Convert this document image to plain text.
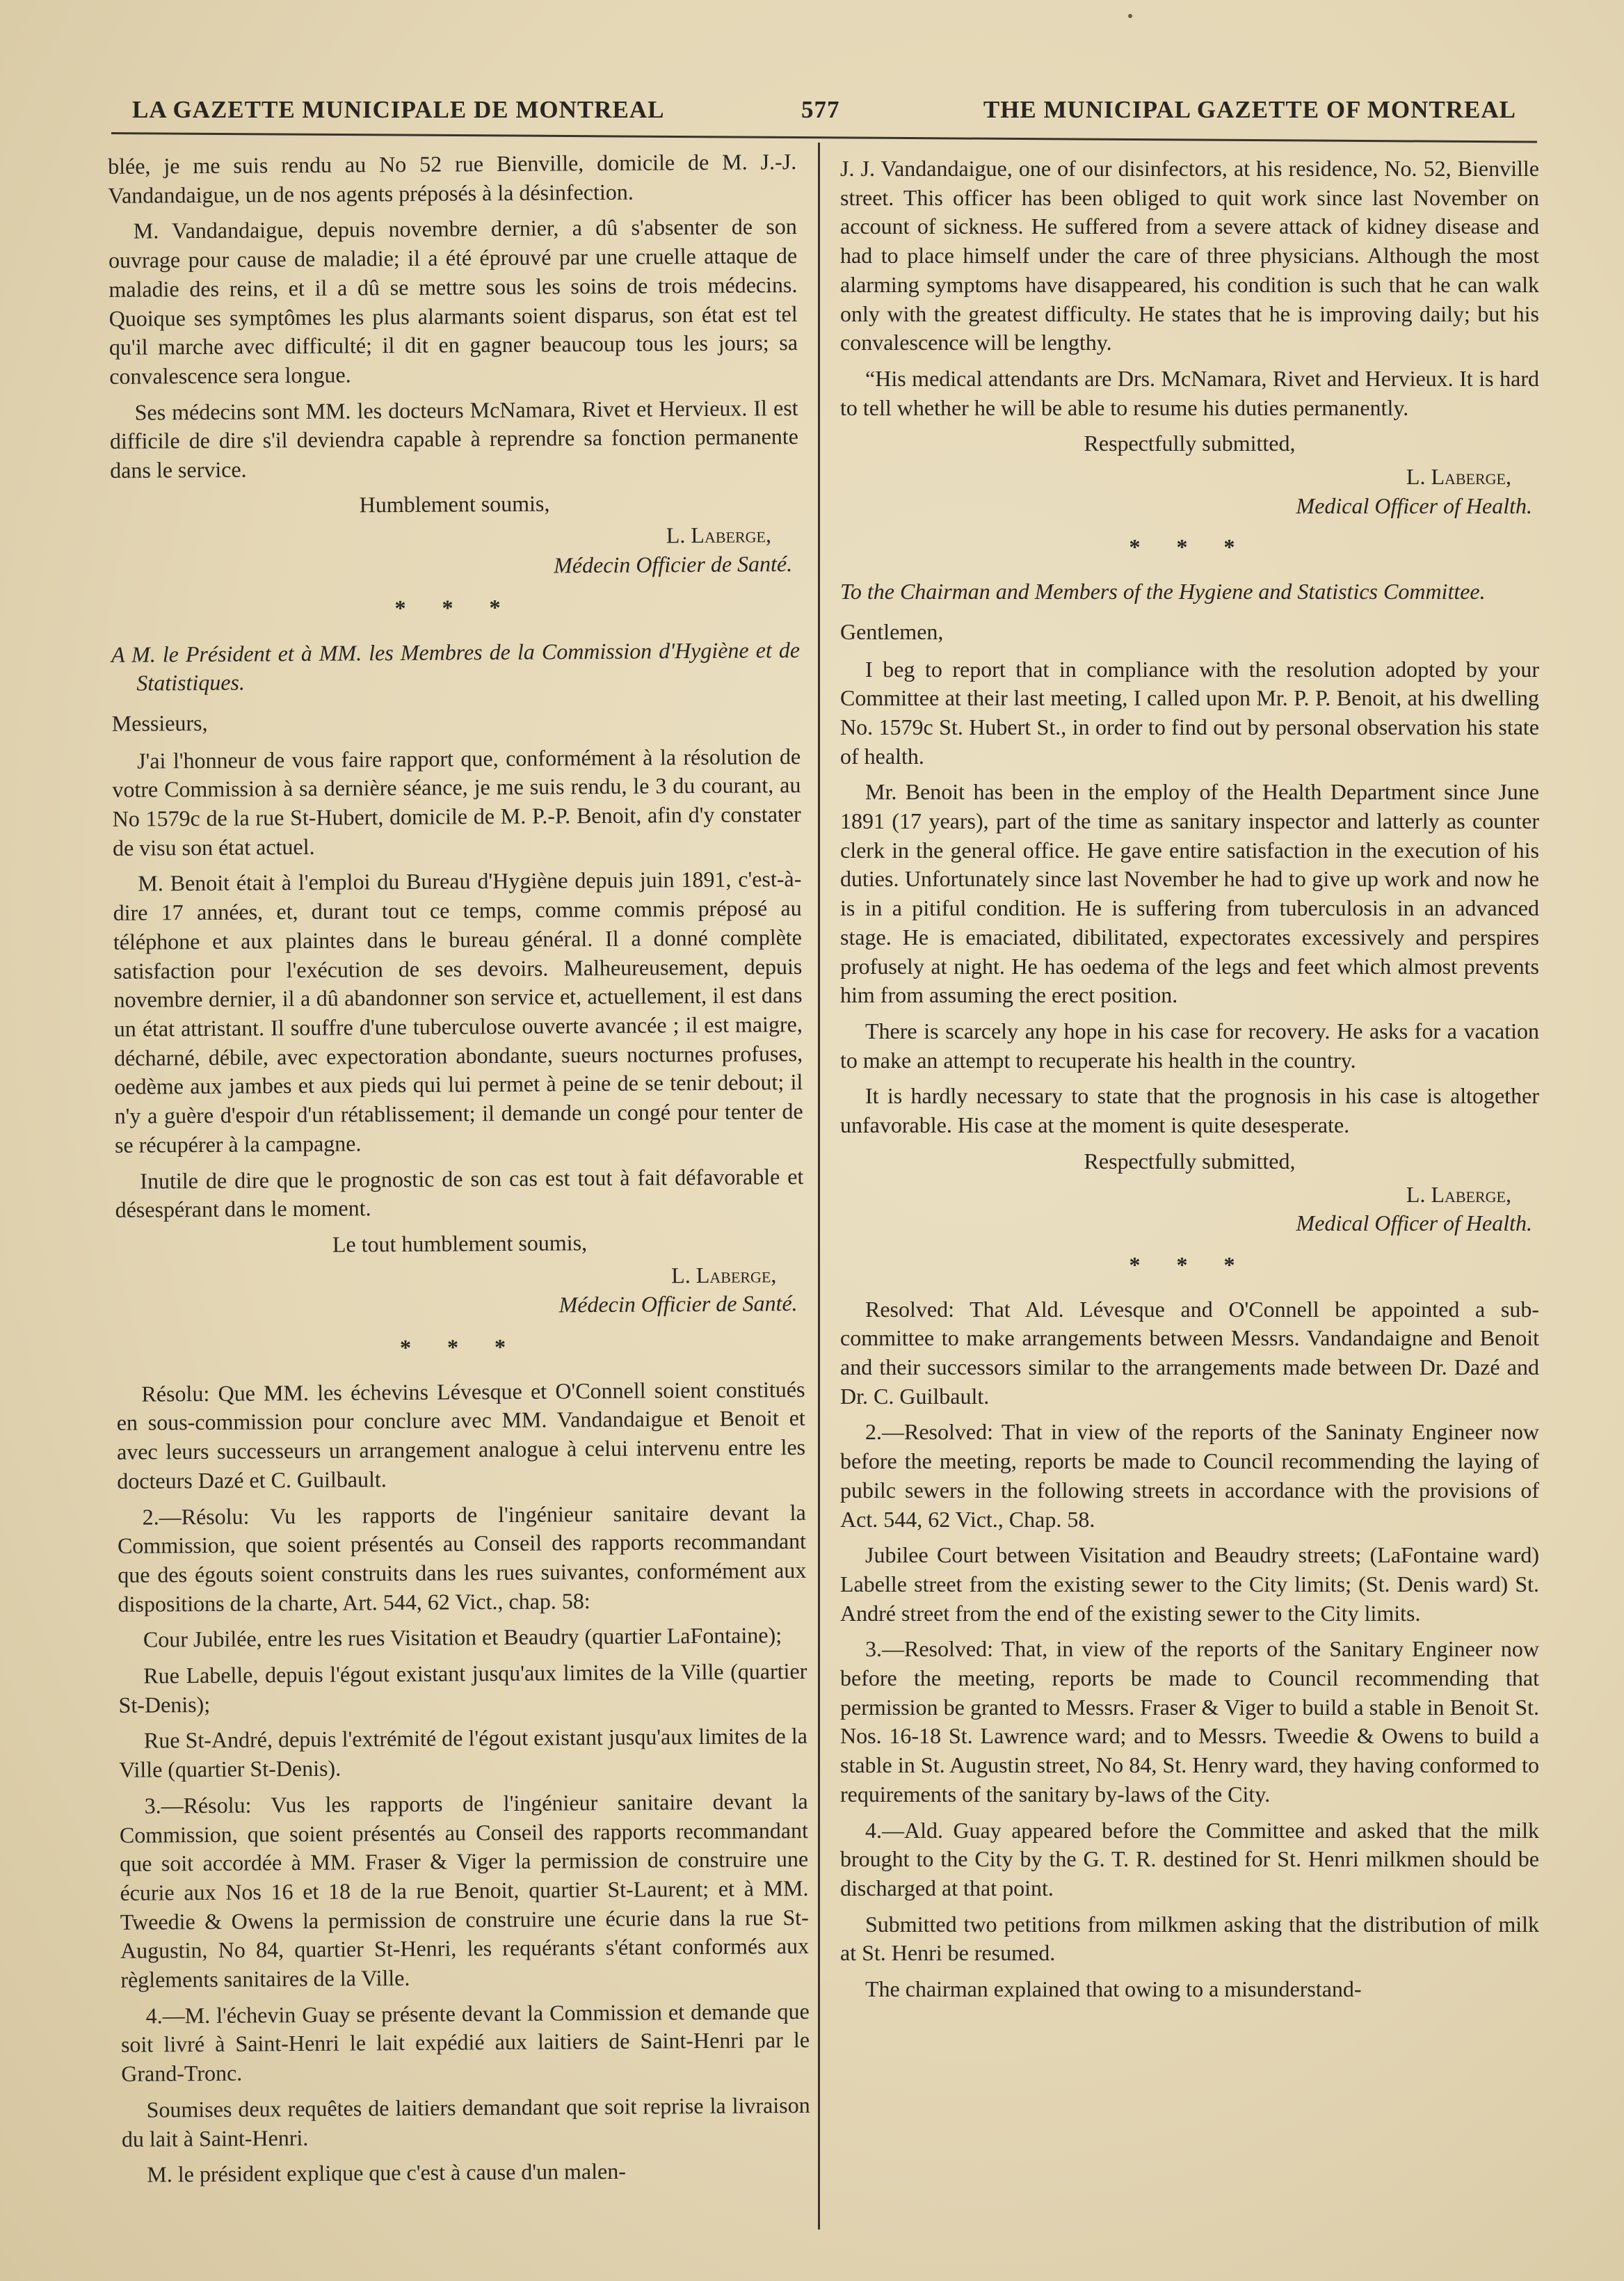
LA GAZETTE MUNICIPALE DE MONTREAL	577	THE MUNICIPAL GAZETTE OF MONTREAL

blée, je me suis rendu au No 52 rue Bienville, domicile de M. J.-J. Vandandaigue, un de nos agents préposés à la désinfection.

M. Vandandaigue, depuis novembre dernier, a dû s'absenter de son ouvrage pour cause de maladie; il a été éprouvé par une cruelle attaque de maladie des reins, et il a dû se mettre sous les soins de trois médecins. Quoique ses symptômes les plus alarmants soient disparus, son état est tel qu'il marche avec difficulté; il dit en gagner beaucoup tous les jours; sa convalescence sera longue.

Ses médecins sont MM. les docteurs McNamara, Rivet et Hervieux. Il est difficile de dire s'il deviendra capable à reprendre sa fonction permanente dans le service.

Humblement soumis,

L. Laberge,

Médecin Officier de Santé.

* * *

A M. le Président et à MM. les Membres de la Commission d'Hygiène et de Statistiques.

Messieurs,

J'ai l'honneur de vous faire rapport que, conformément à la résolution de votre Commission à sa dernière séance, je me suis rendu, le 3 du courant, au No 1579c de la rue St-Hubert, domicile de M. P.-P. Benoit, afin d'y constater de visu son état actuel.

M. Benoit était à l'emploi du Bureau d'Hygiène depuis juin 1891, c'est-à-dire 17 années, et, durant tout ce temps, comme commis préposé au téléphone et aux plaintes dans le bureau général. Il a donné complète satisfaction pour l'exécution de ses devoirs. Malheureusement, depuis novembre dernier, il a dû abandonner son service et, actuellement, il est dans un état attristant. Il souffre d'une tuberculose ouverte avancée ; il est maigre, décharné, débile, avec expectoration abondante, sueurs nocturnes profuses, oedème aux jambes et aux pieds qui lui permet à peine de se tenir debout; il n'y a guère d'espoir d'un rétablissement; il demande un congé pour tenter de se récupérer à la campagne.

Inutile de dire que le prognostic de son cas est tout à fait défavorable et désespérant dans le moment.

Le tout humblement soumis,

L. Laberge,

Médecin Officier de Santé.

* * *

Résolu: Que MM. les échevins Lévesque et O'Connell soient constitués en sous-commission pour conclure avec MM. Vandandaigue et Benoit et avec leurs successeurs un arrangement analogue à celui intervenu entre les docteurs Dazé et C. Guilbault.

2.—Résolu: Vu les rapports de l'ingénieur sanitaire devant la Commission, que soient présentés au Conseil des rapports recommandant que des égouts soient construits dans les rues suivantes, conformément aux dispositions de la charte, Art. 544, 62 Vict., chap. 58:

Cour Jubilée, entre les rues Visitation et Beaudry (quartier LaFontaine);

Rue Labelle, depuis l'égout existant jusqu'aux limites de la Ville (quartier St-Denis);

Rue St-André, depuis l'extrémité de l'égout existant jusqu'aux limites de la Ville (quartier St-Denis).

3.—Résolu: Vus les rapports de l'ingénieur sanitaire devant la Commission, que soient présentés au Conseil des rapports recommandant que soit accordée à MM. Fraser & Viger la permission de construire une écurie aux Nos 16 et 18 de la rue Benoit, quartier St-Laurent; et à MM. Tweedie & Owens la permission de construire une écurie dans la rue St-Augustin, No 84, quartier St-Henri, les requérants s'étant conformés aux règlements sanitaires de la Ville.

4.—M. l'échevin Guay se présente devant la Commission et demande que soit livré à Saint-Henri le lait expédié aux laitiers de Saint-Henri par le Grand-Tronc.

Soumises deux requêtes de laitiers demandant que soit reprise la livraison du lait à Saint-Henri.

M. le président explique que c'est à cause d'un malen-

J. J. Vandandaigue, one of our disinfectors, at his residence, No. 52, Bienville street. This officer has been obliged to quit work since last November on account of sickness. He suffered from a severe attack of kidney disease and had to place himself under the care of three physicians. Although the most alarming symptoms have disappeared, his condition is such that he can walk only with the greatest difficulty. He states that he is improving daily; but his convalescence will be lengthy.

“His medical attendants are Drs. McNamara, Rivet and Hervieux. It is hard to tell whether he will be able to resume his duties permanently.

Respectfully submitted,

L. Laberge,

Medical Officer of Health.

* * *

To the Chairman and Members of the Hygiene and Statistics Committee.

Gentlemen,

I beg to report that in compliance with the resolution adopted by your Committee at their last meeting, I called upon Mr. P. P. Benoit, at his dwelling No. 1579c St. Hubert St., in order to find out by personal observation his state of health.

Mr. Benoit has been in the employ of the Health Department since June 1891 (17 years), part of the time as sanitary inspector and latterly as counter clerk in the general office. He gave entire satisfaction in the execution of his duties. Unfortunately since last November he had to give up work and now he is in a pitiful condition. He is suffering from tuberculosis in an advanced stage. He is emaciated, dibilitated, expectorates excessively and perspires profusely at night. He has oedema of the legs and feet which almost prevents him from assuming the erect position.

There is scarcely any hope in his case for recovery. He asks for a vacation to make an attempt to recuperate his health in the country.

It is hardly necessary to state that the prognosis in his case is altogether unfavorable. His case at the moment is quite desesperate.

Respectfully submitted,

L. Laberge,

Medical Officer of Health.

* * *

Resolved: That Ald. Lévesque and O'Connell be appointed a sub-committee to make arrangements between Messrs. Vandandaigne and Benoit and their successors similar to the arrangements made between Dr. Dazé and Dr. C. Guilbault.

2.—Resolved: That in view of the reports of the Saninaty Engineer now before the meeting, reports be made to Council recommending the laying of pubilc sewers in the following streets in accordance with the provisions of Act. 544, 62 Vict., Chap. 58.

Jubilee Court between Visitation and Beaudry streets; (LaFontaine ward) Labelle street from the existing sewer to the City limits; (St. Denis ward) St. André street from the end of the existing sewer to the City limits.

3.—Resolved: That, in view of the reports of the Sanitary Engineer now before the meeting, reports be made to Council recommending that permission be granted to Messrs. Fraser & Viger to build a stable in Benoit St. Nos. 16-18 St. Lawrence ward; and to Messrs. Tweedie & Owens to build a stable in St. Augustin street, No 84, St. Henry ward, they having conformed to requirements of the sanitary by-laws of the City.

4.—Ald. Guay appeared before the Committee and asked that the milk brought to the City by the G. T. R. destined for St. Henri milkmen should be discharged at that point.

Submitted two petitions from milkmen asking that the distribution of milk at St. Henri be resumed.

The chairman explained that owing to a misunderstand-
